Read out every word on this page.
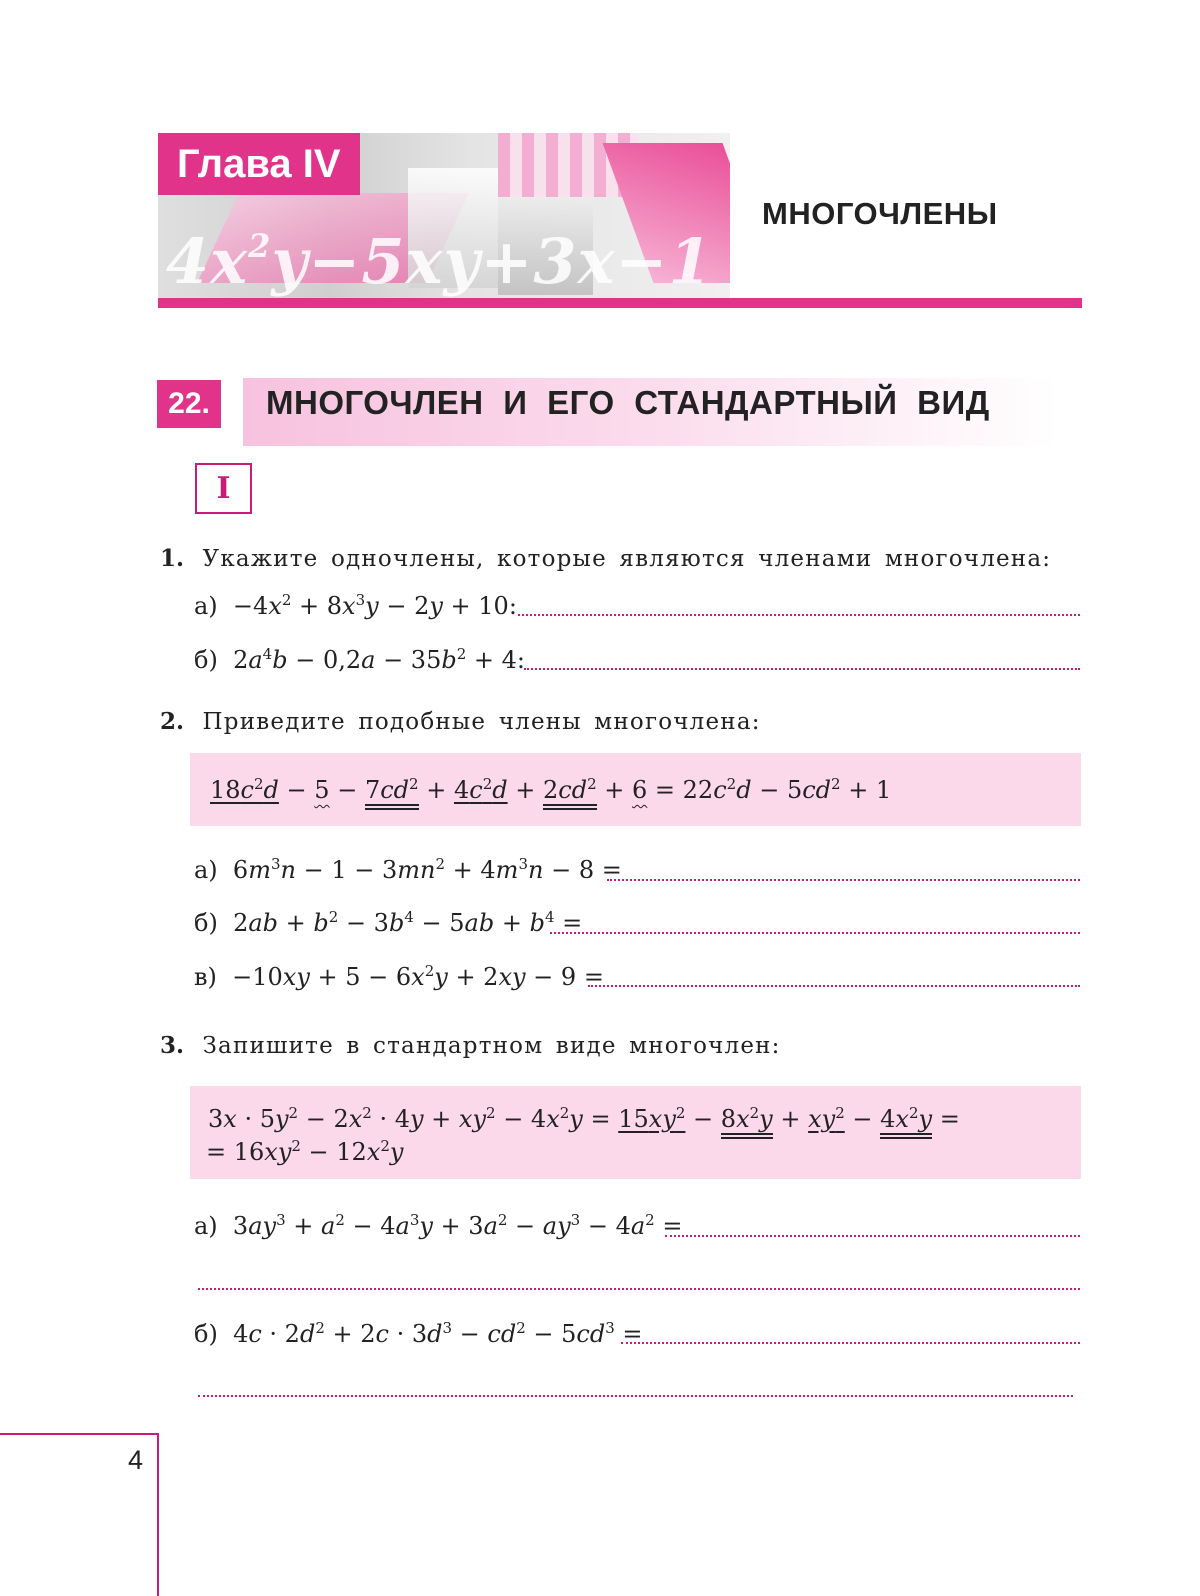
Глава IV
$4x^2y-5xy+3x-1$
МНОГОЧЛЕНЫ
22.	МНОГОЧЛЕН И ЕГО СТАНДАРТНЫЙ ВИД
I
1. Укажите одночлены, которые являются членами многочлена:
$а) -4x^2 + 8x^3y - 2y + 10$:
б)  $2a^4b - 0,2a - 35b^2 + 4$:
2. Приведите подобные члены многочлена:
$18c^2d - 5 - 7cd^2 + 4c^2d + 2cd^2 + 6 = 22c^2d - 5cd^2 + 1$
а)  $6m^3n - 1 - 3mn^2 + 4m^3n - 8$ =
б)  $2ab + b^2 - 3b^4 - 5ab + b^4$ =
$в) -10xy + 5 - 6x^2y + 2xy - 9$ =
3. Запишите в стандартном виде многочлен:
$3x \cdot 5y^2 - 2x^2 \cdot 4y + xy^2 - 4x^2y = 15xy^2 - 8x^2y + xy^2 - 4x^2y$ =
= $16xy^2 - 12x^2y$
а)  $3ay^3 + a^2 - 4a^3y + 3a^2 - ay^3 - 4a^2$ =
б)  $4c \cdot 2d^2 + 2c \cdot 3d^3 - cd^2 - 5cd^3$ =
4
